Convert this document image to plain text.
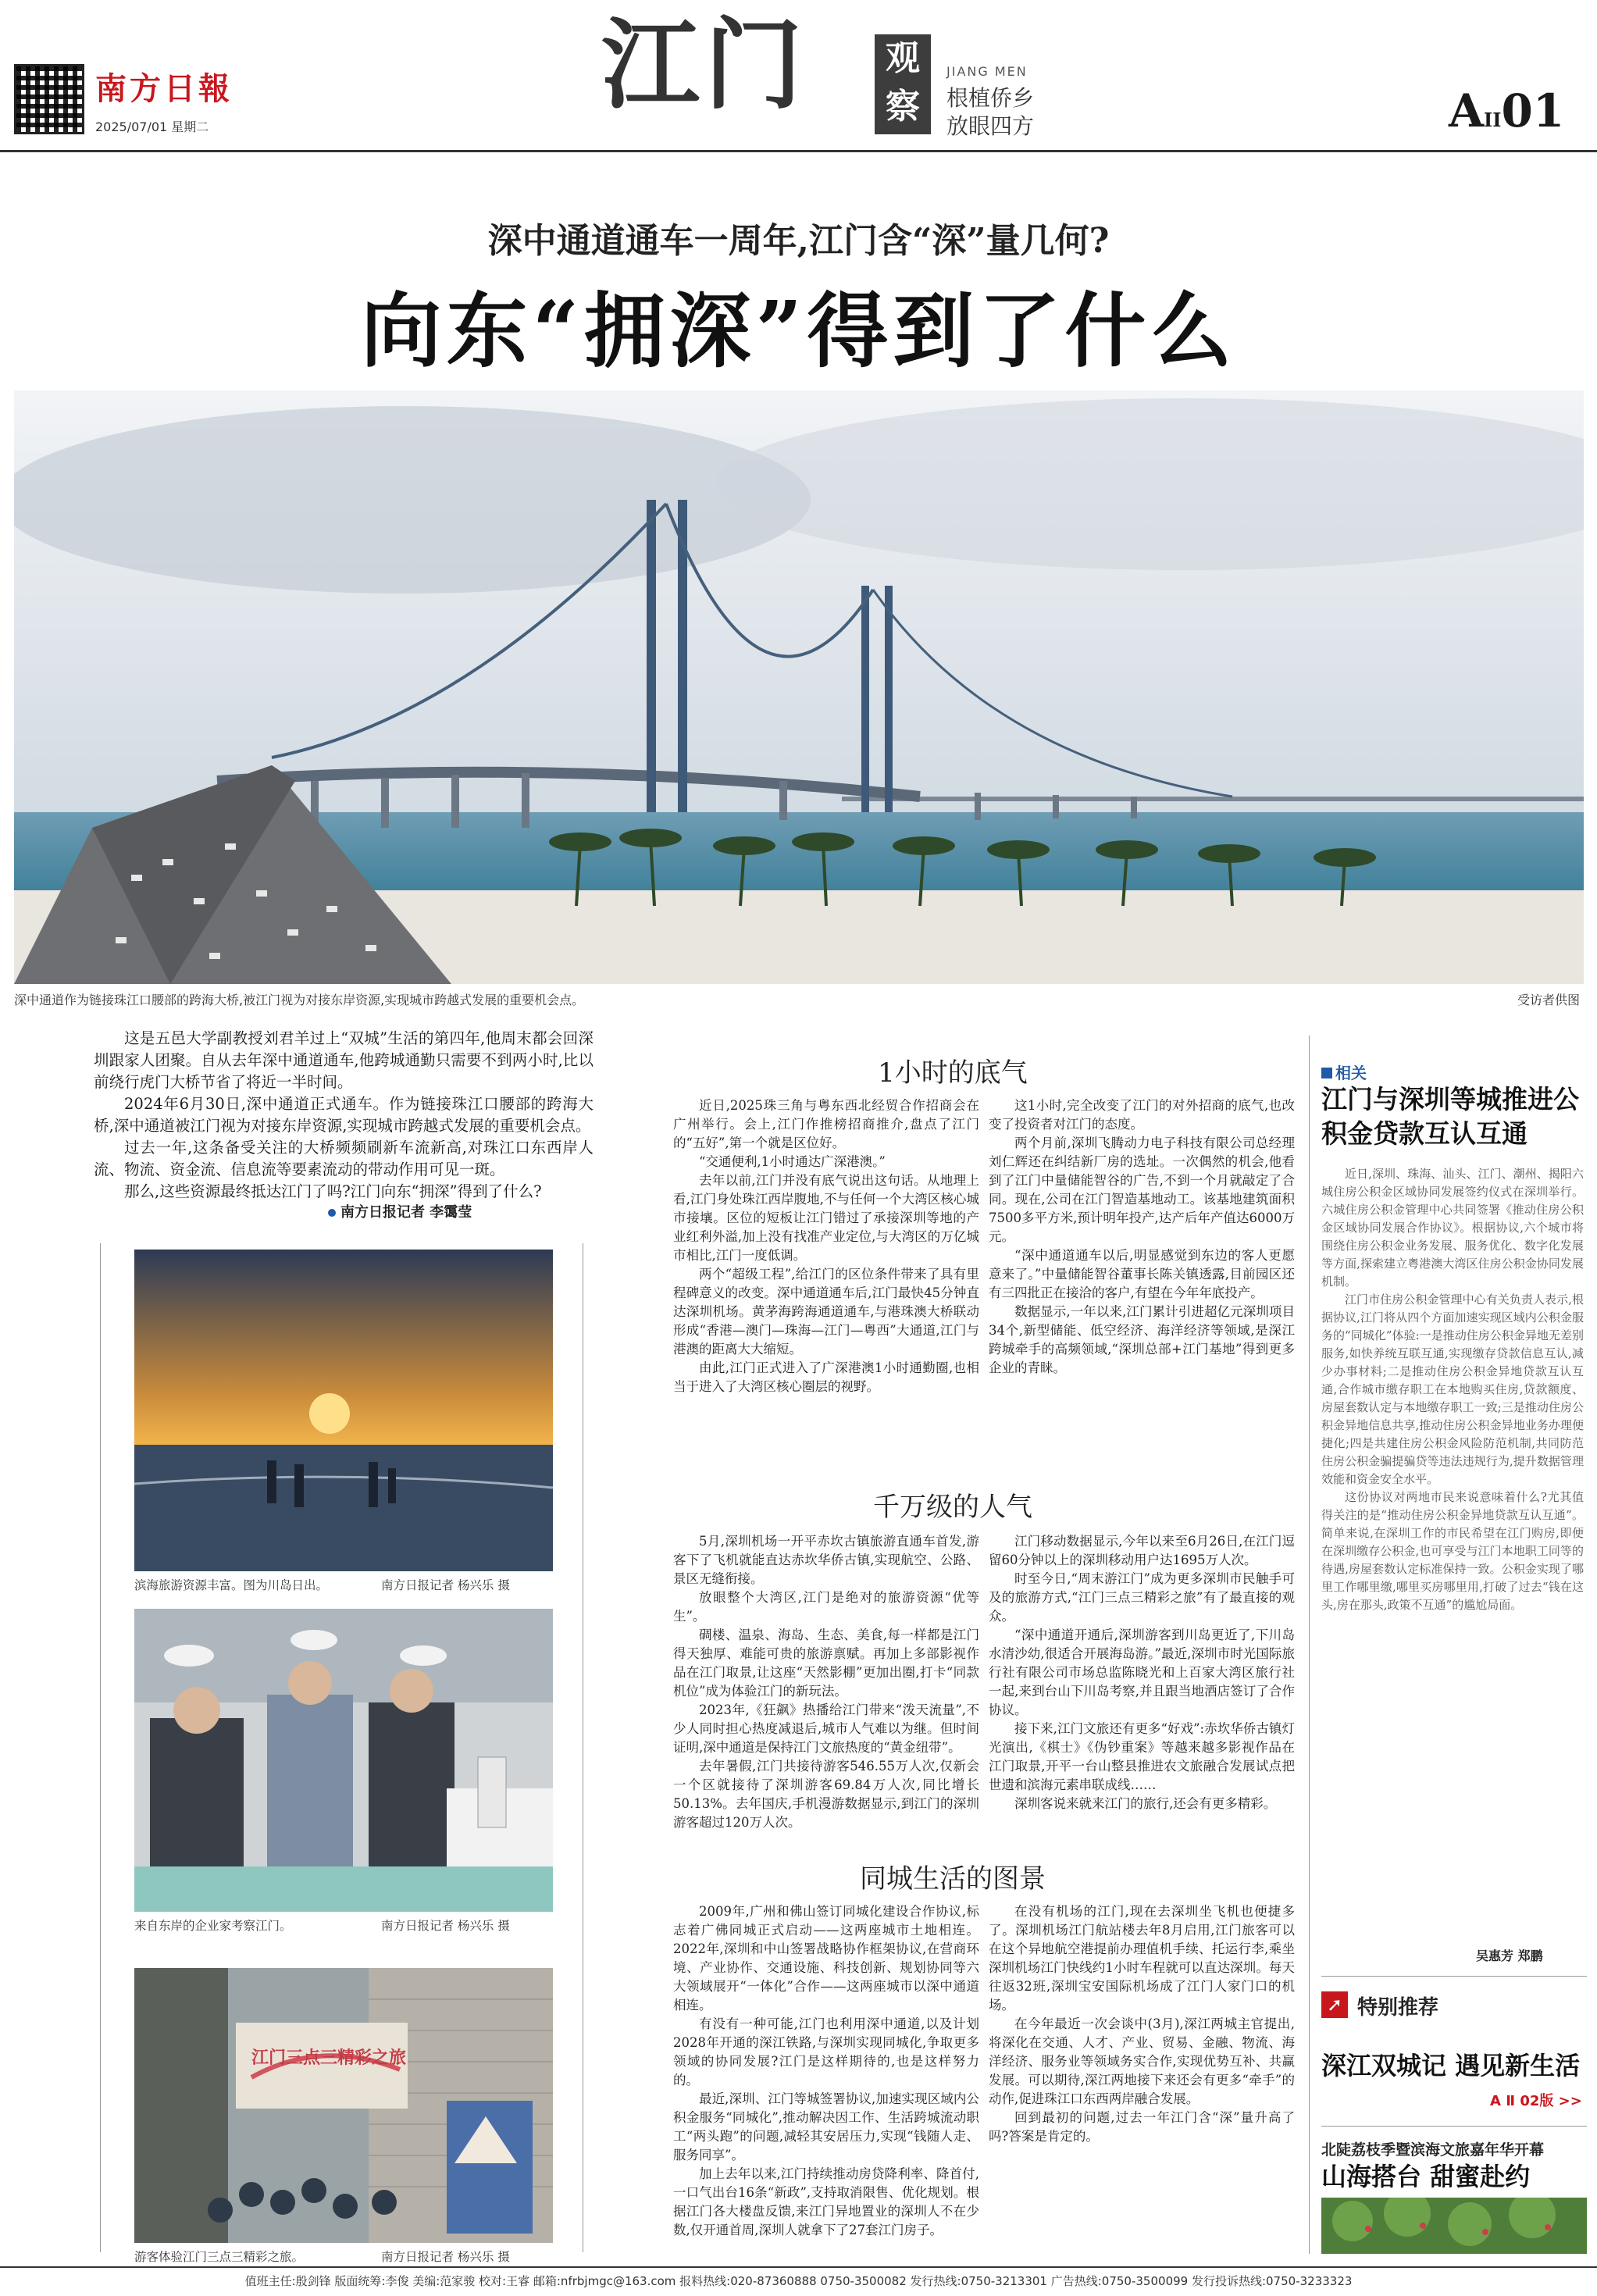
南方日報
2025/07/01 星期二
江门	观察
JIANG MEN
根植侨乡
放眼四方	AII01
深中通道通车一周年,江门含“深”量几何?
向东“拥深”得到了什么
深中通道作为链接珠江口腰部的跨海大桥,被江门视为对接东岸资源,实现城市跨越式发展的重要机会点。	受访者供图

这是五邑大学副教授刘君羊过上“双城”生活的第四年,他周末都会回深圳跟家人团聚。自从去年深中通道通车,他跨城通勤只需要不到两小时,比以前绕行虎门大桥节省了将近一半时间。

2024年6月30日,深中通道正式通车。作为链接珠江口腰部的跨海大桥,深中通道被江门视为对接东岸资源,实现城市跨越式发展的重要机会点。

过去一年,这条备受关注的大桥频频刷新车流新高,对珠江口东西岸人流、物流、资金流、信息流等要素流动的带动作用可见一斑。

那么,这些资源最终抵达江门了吗?江门向东“拥深”得到了什么?

南方日报记者 李霭莹
滨海旅游资源丰富。图为川岛日出。	南方日报记者 杨兴乐 摄
来自东岸的企业家考察江门。	南方日报记者 杨兴乐 摄
江门三点三精彩之旅
游客体验江门三点三精彩之旅。	南方日报记者 杨兴乐 摄
1小时的底气

近日,2025珠三角与粤东西北经贸合作招商会在广州举行。会上,江门作推榜招商推介,盘点了江门的“五好”,第一个就是区位好。

“交通便利,1小时通达广深港澳。”

去年以前,江门并没有底气说出这句话。从地理上看,江门身处珠江西岸腹地,不与任何一个大湾区核心城市接壤。区位的短板让江门错过了承接深圳等地的产业红利外溢,加上没有找准产业定位,与大湾区的万亿城市相比,江门一度低调。

两个“超级工程”,给江门的区位条件带来了具有里程碑意义的改变。深中通道通车后,江门最快45分钟直达深圳机场。黄茅海跨海通道通车,与港珠澳大桥联动形成“香港—澳门—珠海—江门—粤西”大通道,江门与港澳的距离大大缩短。

由此,江门正式进入了广深港澳1小时通勤圈,也相当于进入了大湾区核心圈层的视野。

这1小时,完全改变了江门的对外招商的底气,也改变了投资者对江门的态度。

两个月前,深圳飞腾动力电子科技有限公司总经理刘仁辉还在纠结新厂房的选址。一次偶然的机会,他看到了江门中量储能智谷的广告,不到一个月就敲定了合同。现在,公司在江门智造基地动工。该基地建筑面积7500多平方米,预计明年投产,达产后年产值达6000万元。

“深中通道通车以后,明显感觉到东边的客人更愿意来了。”中量储能智谷董事长陈关镇透露,目前园区还有三四批正在接洽的客户,有望在今年年底投产。

数据显示,一年以来,江门累计引进超亿元深圳项目34个,新型储能、低空经济、海洋经济等领域,是深江跨城牵手的高频领域,“深圳总部+江门基地”得到更多企业的青睐。

千万级的人气

5月,深圳机场一开平赤坎古镇旅游直通车首发,游客下了飞机就能直达赤坎华侨古镇,实现航空、公路、景区无缝衔接。

放眼整个大湾区,江门是绝对的旅游资源“优等生”。

碉楼、温泉、海岛、生态、美食,每一样都是江门得天独厚、难能可贵的旅游禀赋。再加上多部影视作品在江门取景,让这座“天然影棚”更加出圈,打卡“同款机位”成为体验江门的新玩法。

2023年,《狂飙》热播给江门带来“泼天流量”,不少人同时担心热度减退后,城市人气难以为继。但时间证明,深中通道是保持江门文旅热度的“黄金纽带”。

去年暑假,江门共接待游客546.55万人次,仅新会一个区就接待了深圳游客69.84万人次,同比增长50.13%。去年国庆,手机漫游数据显示,到江门的深圳游客超过120万人次。

江门移动数据显示,今年以来至6月26日,在江门逗留60分钟以上的深圳移动用户达1695万人次。

时至今日,“周末游江门”成为更多深圳市民触手可及的旅游方式,“江门三点三精彩之旅”有了最直接的观众。

“深中通道开通后,深圳游客到川岛更近了,下川岛水清沙幼,很适合开展海岛游。”最近,深圳市时光国际旅行社有限公司市场总监陈晓光和上百家大湾区旅行社一起,来到台山下川岛考察,并且跟当地酒店签订了合作协议。

接下来,江门文旅还有更多“好戏”:赤坎华侨古镇灯光演出,《棋士》《伪钞重案》等越来越多影视作品在江门取景,开平一台山整县推进农文旅融合发展试点把世遗和滨海元素串联成线……

深圳客说来就来江门的旅行,还会有更多精彩。

同城生活的图景

2009年,广州和佛山签订同城化建设合作协议,标志着广佛同城正式启动——这两座城市土地相连。2022年,深圳和中山签署战略协作框架协议,在营商环境、产业协作、交通设施、科技创新、规划协同等六大领域展开“一体化”合作——这两座城市以深中通道相连。

有没有一种可能,江门也利用深中通道,以及计划2028年开通的深江铁路,与深圳实现同城化,争取更多领域的协同发展?江门是这样期待的,也是这样努力的。

最近,深圳、江门等城签署协议,加速实现区域内公积金服务“同城化”,推动解决因工作、生活跨城流动职工“两头跑”的问题,减轻其安居压力,实现“钱随人走、服务同享”。

加上去年以来,江门持续推动房贷降利率、降首付,一口气出台16条“新政”,支持取消限售、优化规划。根据江门各大楼盘反馈,来江门异地置业的深圳人不在少数,仅开通首周,深圳人就拿下了27套江门房子。

在没有机场的江门,现在去深圳坐飞机也便捷多了。深圳机场江门航站楼去年8月启用,江门旅客可以在这个异地航空港提前办理值机手续、托运行李,乘坐深圳机场江门快线约1小时车程就可以直达深圳。每天往返32班,深圳宝安国际机场成了江门人家门口的机场。

在今年最近一次会谈中(3月),深江两城主官提出,将深化在交通、人才、产业、贸易、金融、物流、海洋经济、服务业等领域务实合作,实现优势互补、共赢发展。可以期待,深江两地接下来还会有更多“牵手”的动作,促进珠江口东西两岸融合发展。

回到最初的问题,过去一年江门含“深”量升高了吗?答案是肯定的。

相关
江门与深圳等城推进公积金贷款互认互通

近日,深圳、珠海、汕头、江门、潮州、揭阳六城住房公积金区域协同发展签约仪式在深圳举行。六城住房公积金管理中心共同签署《推动住房公积金区域协同发展合作协议》。根据协议,六个城市将围绕住房公积金业务发展、服务优化、数字化发展等方面,探索建立粤港澳大湾区住房公积金协同发展机制。

江门市住房公积金管理中心有关负责人表示,根据协议,江门将从四个方面加速实现区域内公积金服务的“同城化”体验:一是推动住房公积金异地无差别服务,如快养统互联互通,实现缴存贷款信息互认,减少办事材料;二是推动住房公积金异地贷款互认互通,合作城市缴存职工在本地购买住房,贷款额度、房屋套数认定与本地缴存职工一致;三是推动住房公积金异地信息共享,推动住房公积金异地业务办理便捷化;四是共建住房公积金风险防范机制,共同防范住房公积金骗提骗贷等违法违规行为,提升数据管理效能和资金安全水平。

这份协议对两地市民来说意味着什么?尤其值得关注的是“推动住房公积金异地贷款互认互通”。简单来说,在深圳工作的市民希望在江门购房,即便在深圳缴存公积金,也可享受与江门本地职工同等的待遇,房屋套数认定标准保持一致。公积金实现了哪里工作哪里缴,哪里买房哪里用,打破了过去“钱在这头,房在那头,政策不互通”的尴尬局面。

吴惠芳 郑鹏
➚ 特别推荐
深江双城记 遇见新生活
A Ⅱ 02版 >>
北陡荔枝季暨滨海文旅嘉年华开幕
山海搭台 甜蜜赴约
值班主任:殷剑锋 版面统筹:李俊 美编:范家骏 校对:王睿 邮箱:nfrbjmgc@163.com 报料热线:020-87360888 0750-3500082 发行热线:0750-3213301 广告热线:0750-3500099 发行投诉热线:0750-3233323
